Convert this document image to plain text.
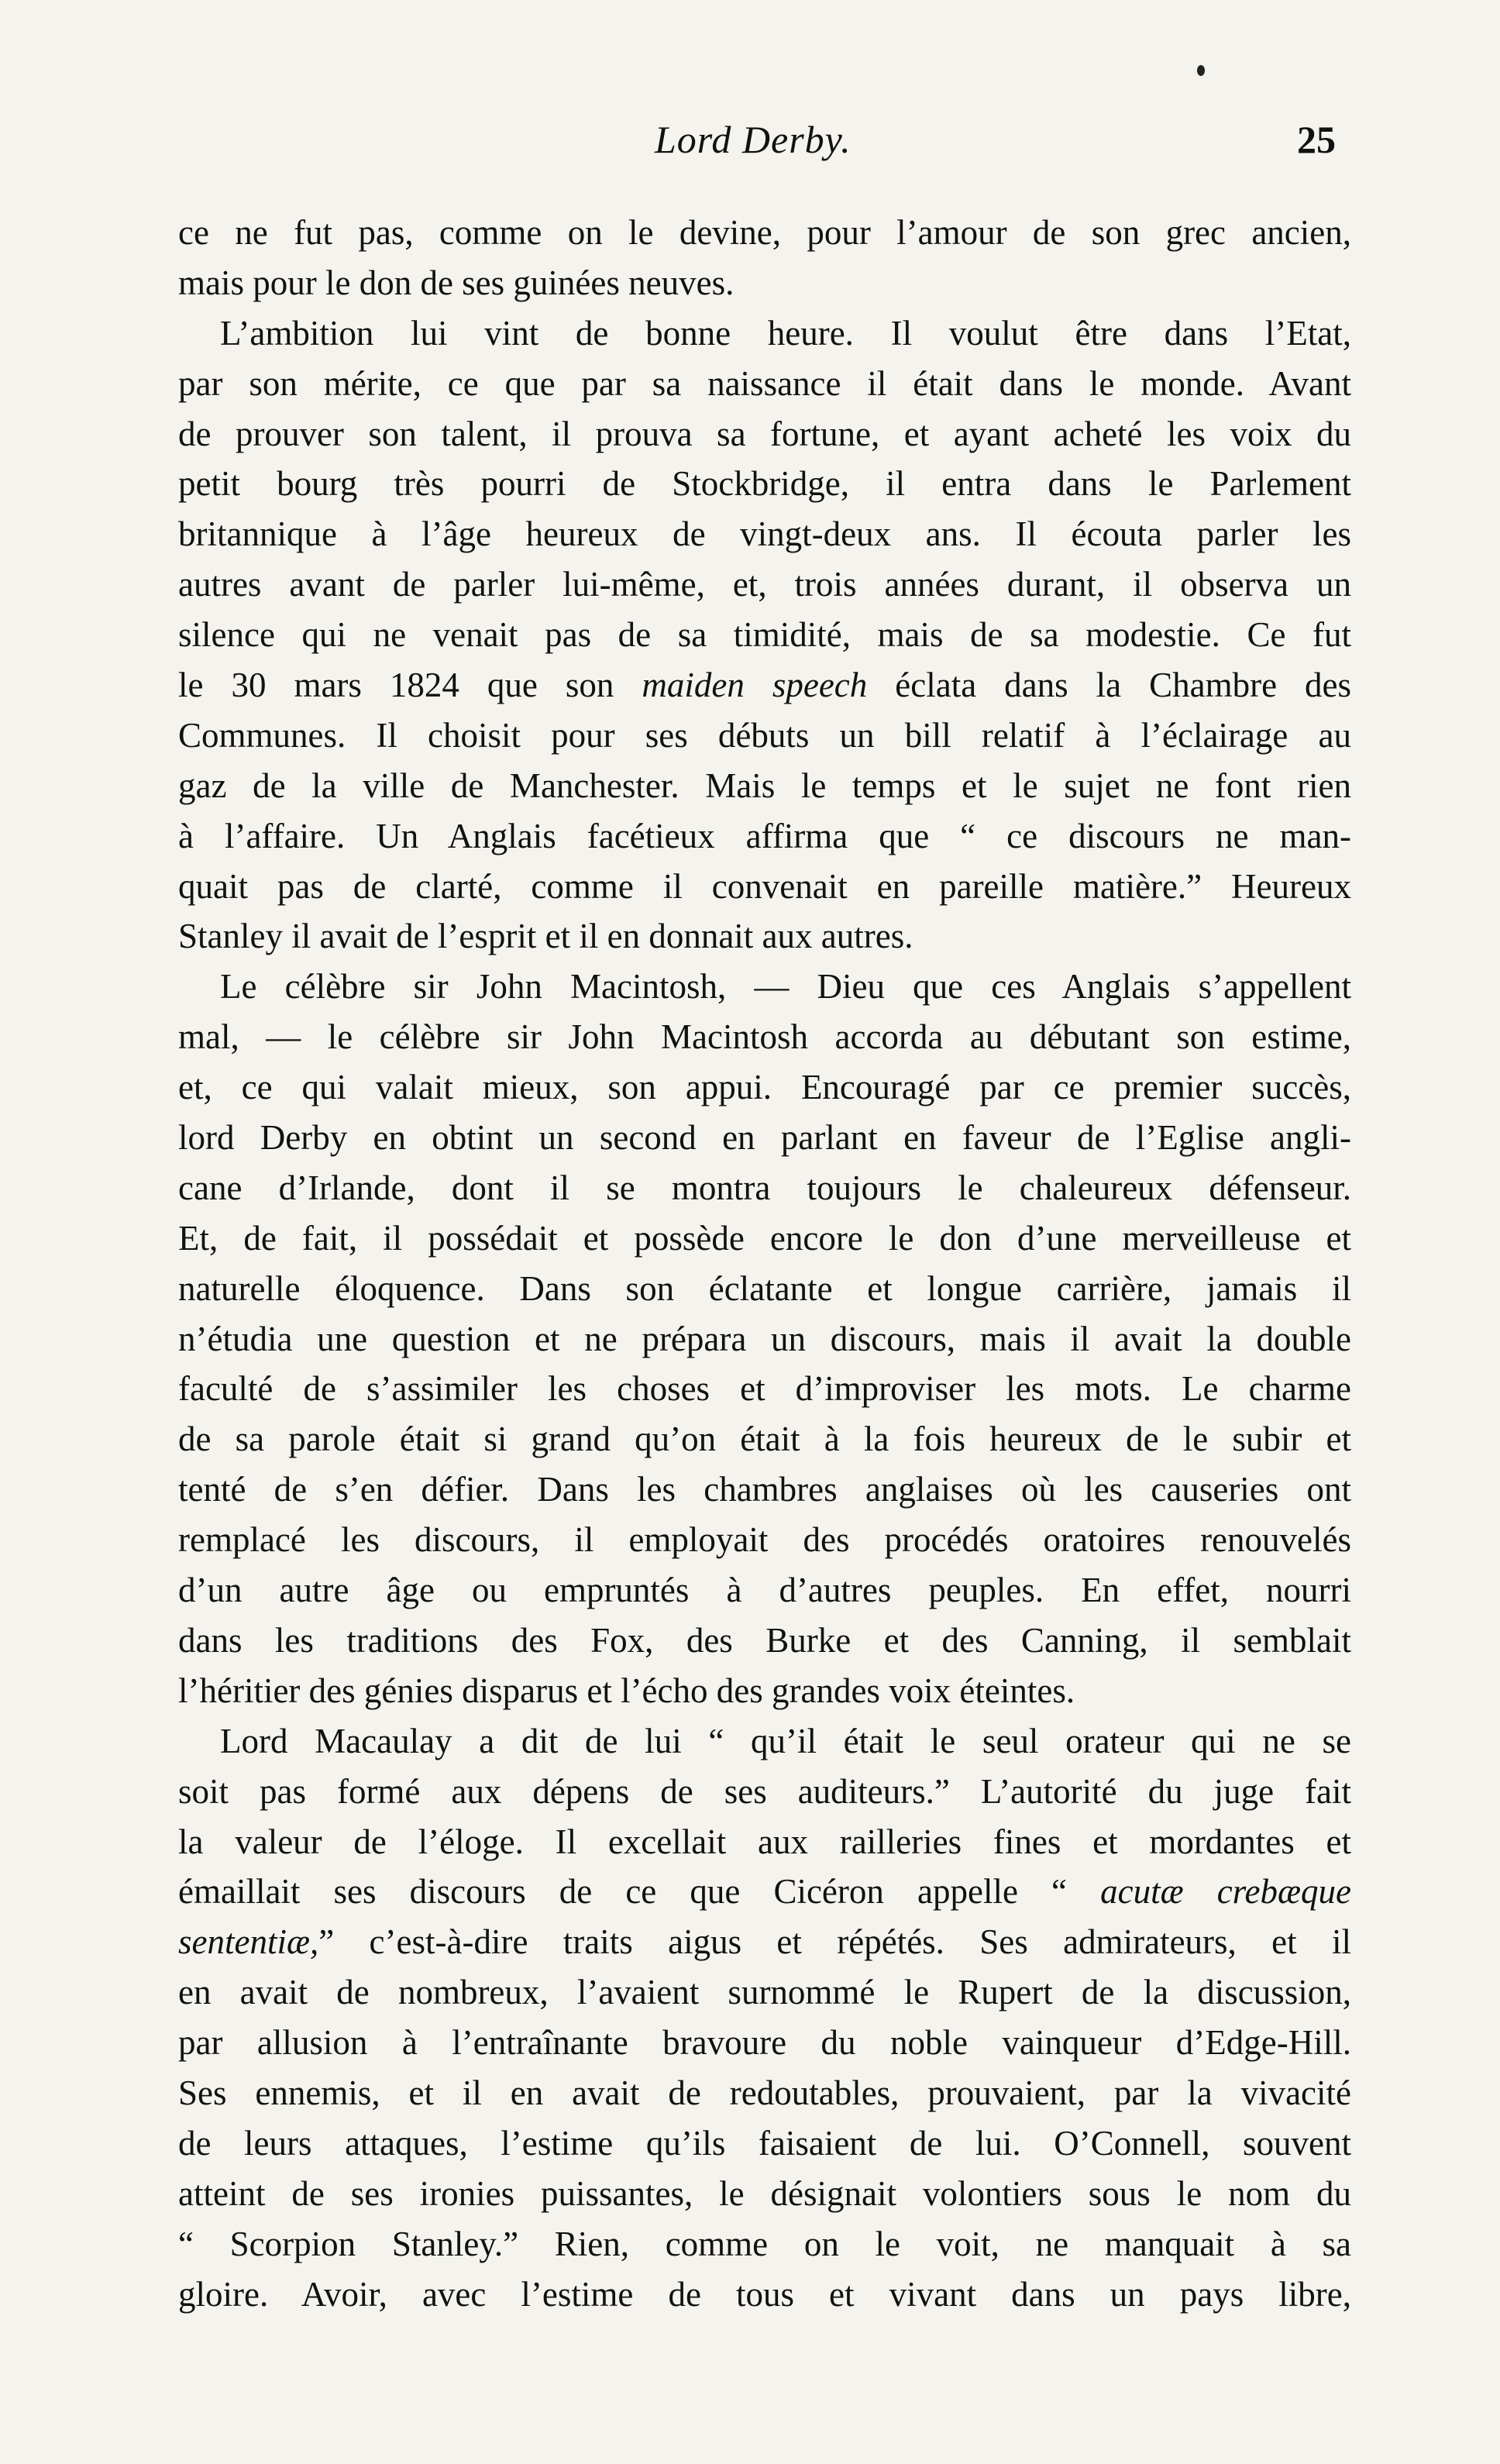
Lord Derby.	25
ce ne fut pas, comme on le devine, pour l’amour de son grec ancien,
mais pour le don de ses guinées neuves.
L’ambition lui vint de bonne heure. Il voulut être dans l’Etat,
par son mérite, ce que par sa naissance il était dans le monde. Avant
de prouver son talent, il prouva sa fortune, et ayant acheté les voix du
petit bourg très pourri de Stockbridge, il entra dans le Parlement
britannique à l’âge heureux de vingt-deux ans. Il écouta parler les
autres avant de parler lui-même, et, trois années durant, il observa un
silence qui ne venait pas de sa timidité, mais de sa modestie. Ce fut
le 30 mars 1824 que son maiden speech éclata dans la Chambre des
Communes. Il choisit pour ses débuts un bill relatif à l’éclairage au
gaz de la ville de Manchester. Mais le temps et le sujet ne font rien
à l’affaire. Un Anglais facétieux affirma que “ ce discours ne man-
quait pas de clarté, comme il convenait en pareille matière.” Heureux
Stanley il avait de l’esprit et il en donnait aux autres.
Le célèbre sir John Macintosh, — Dieu que ces Anglais s’appellent
mal, — le célèbre sir John Macintosh accorda au débutant son estime,
et, ce qui valait mieux, son appui. Encouragé par ce premier succès,
lord Derby en obtint un second en parlant en faveur de l’Eglise angli-
cane d’Irlande, dont il se montra toujours le chaleureux défenseur.
Et, de fait, il possédait et possède encore le don d’une merveilleuse et
naturelle éloquence. Dans son éclatante et longue carrière, jamais il
n’étudia une question et ne prépara un discours, mais il avait la double
faculté de s’assimiler les choses et d’improviser les mots. Le charme
de sa parole était si grand qu’on était à la fois heureux de le subir et
tenté de s’en défier. Dans les chambres anglaises où les causeries ont
remplacé les discours, il employait des procédés oratoires renouvelés
d’un autre âge ou empruntés à d’autres peuples. En effet, nourri
dans les traditions des Fox, des Burke et des Canning, il semblait
l’héritier des génies disparus et l’écho des grandes voix éteintes.
Lord Macaulay a dit de lui “ qu’il était le seul orateur qui ne se
soit pas formé aux dépens de ses auditeurs.” L’autorité du juge fait
la valeur de l’éloge. Il excellait aux railleries fines et mordantes et
émaillait ses discours de ce que Cicéron appelle “ acutæ crebæque
sententiæ,” c’est-à-dire traits aigus et répétés. Ses admirateurs, et il
en avait de nombreux, l’avaient surnommé le Rupert de la discussion,
par allusion à l’entraînante bravoure du noble vainqueur d’Edge-Hill.
Ses ennemis, et il en avait de redoutables, prouvaient, par la vivacité
de leurs attaques, l’estime qu’ils faisaient de lui. O’Connell, souvent
atteint de ses ironies puissantes, le désignait volontiers sous le nom du
“ Scorpion Stanley.” Rien, comme on le voit, ne manquait à sa
gloire. Avoir, avec l’estime de tous et vivant dans un pays libre,
